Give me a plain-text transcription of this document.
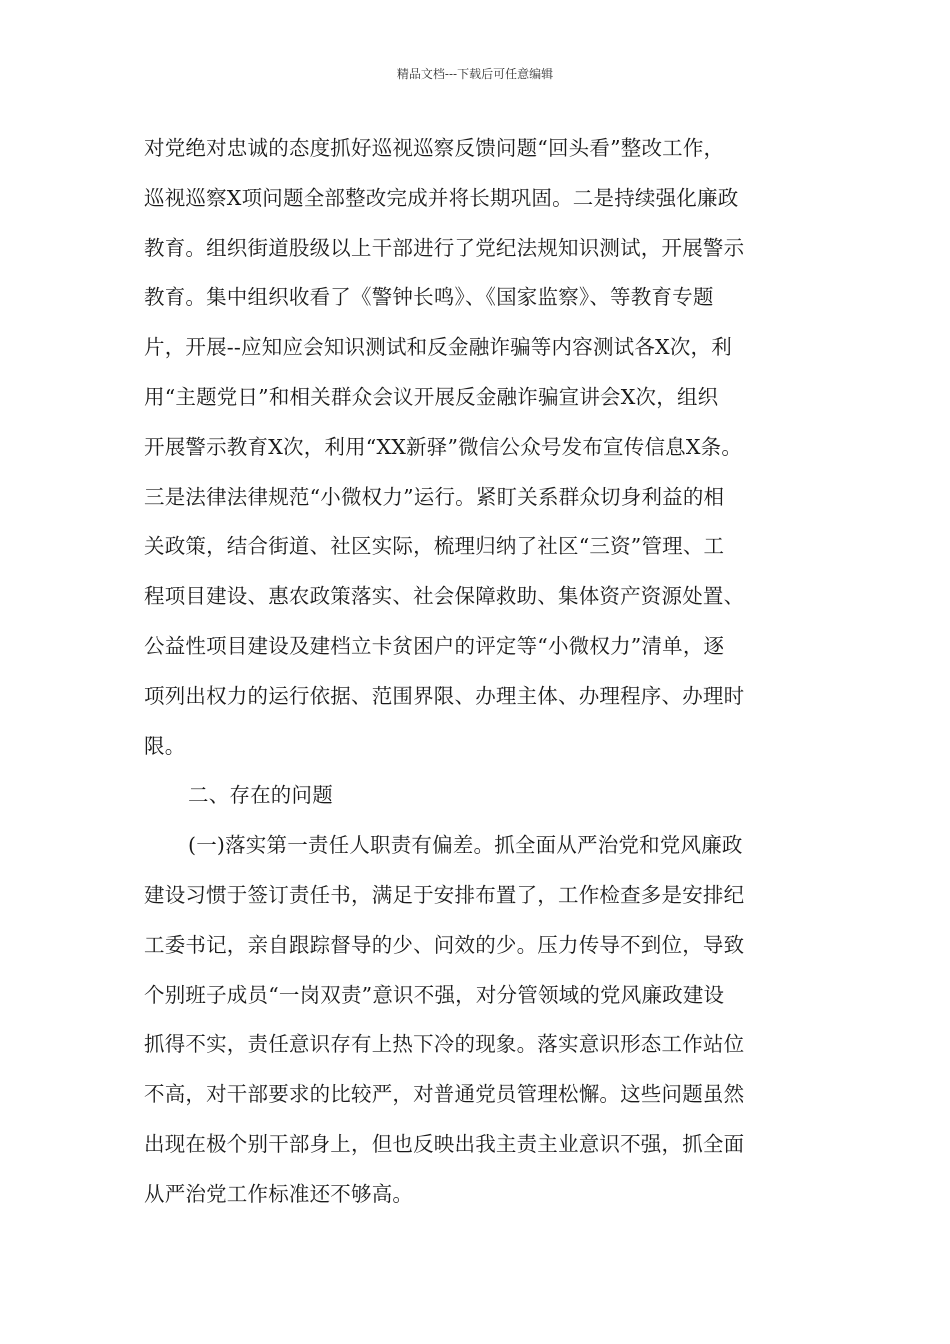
精品文档---下载后可任意编辑
对党绝对忠诚的态度抓好巡视巡察反馈问题“回头看”整改工作，
巡视巡察X项问题全部整改完成并将长期巩固。二是持续强化廉政
教育。组织街道股级以上干部进行了党纪法规知识测试，开展警示
教育。集中组织收看了《警钟长鸣》、《国家监察》、等教育专题
片，开展--应知应会知识测试和反金融诈骗等内容测试各X次，利
用“主题党日”和相关群众会议开展反金融诈骗宣讲会X次，组织
开展警示教育X次，利用“XX新驿”微信公众号发布宣传信息X条。
三是法律法律规范“小微权力”运行。紧盯关系群众切身利益的相
关政策，结合街道、社区实际，梳理归纳了社区“三资”管理、工
程项目建设、惠农政策落实、社会保障救助、集体资产资源处置、
公益性项目建设及建档立卡贫困户的评定等“小微权力”清单，逐
项列出权力的运行依据、范围界限、办理主体、办理程序、办理时
限。
二、存在的问题
(一)落实第一责任人职责有偏差。抓全面从严治党和党风廉政
建设习惯于签订责任书，满足于安排布置了，工作检查多是安排纪
工委书记，亲自跟踪督导的少、问效的少。压力传导不到位，导致
个别班子成员“一岗双责”意识不强，对分管领域的党风廉政建设
抓得不实，责任意识存有上热下冷的现象。落实意识形态工作站位
不高，对干部要求的比较严，对普通党员管理松懈。这些问题虽然
出现在极个别干部身上，但也反映出我主责主业意识不强，抓全面
从严治党工作标准还不够高。
